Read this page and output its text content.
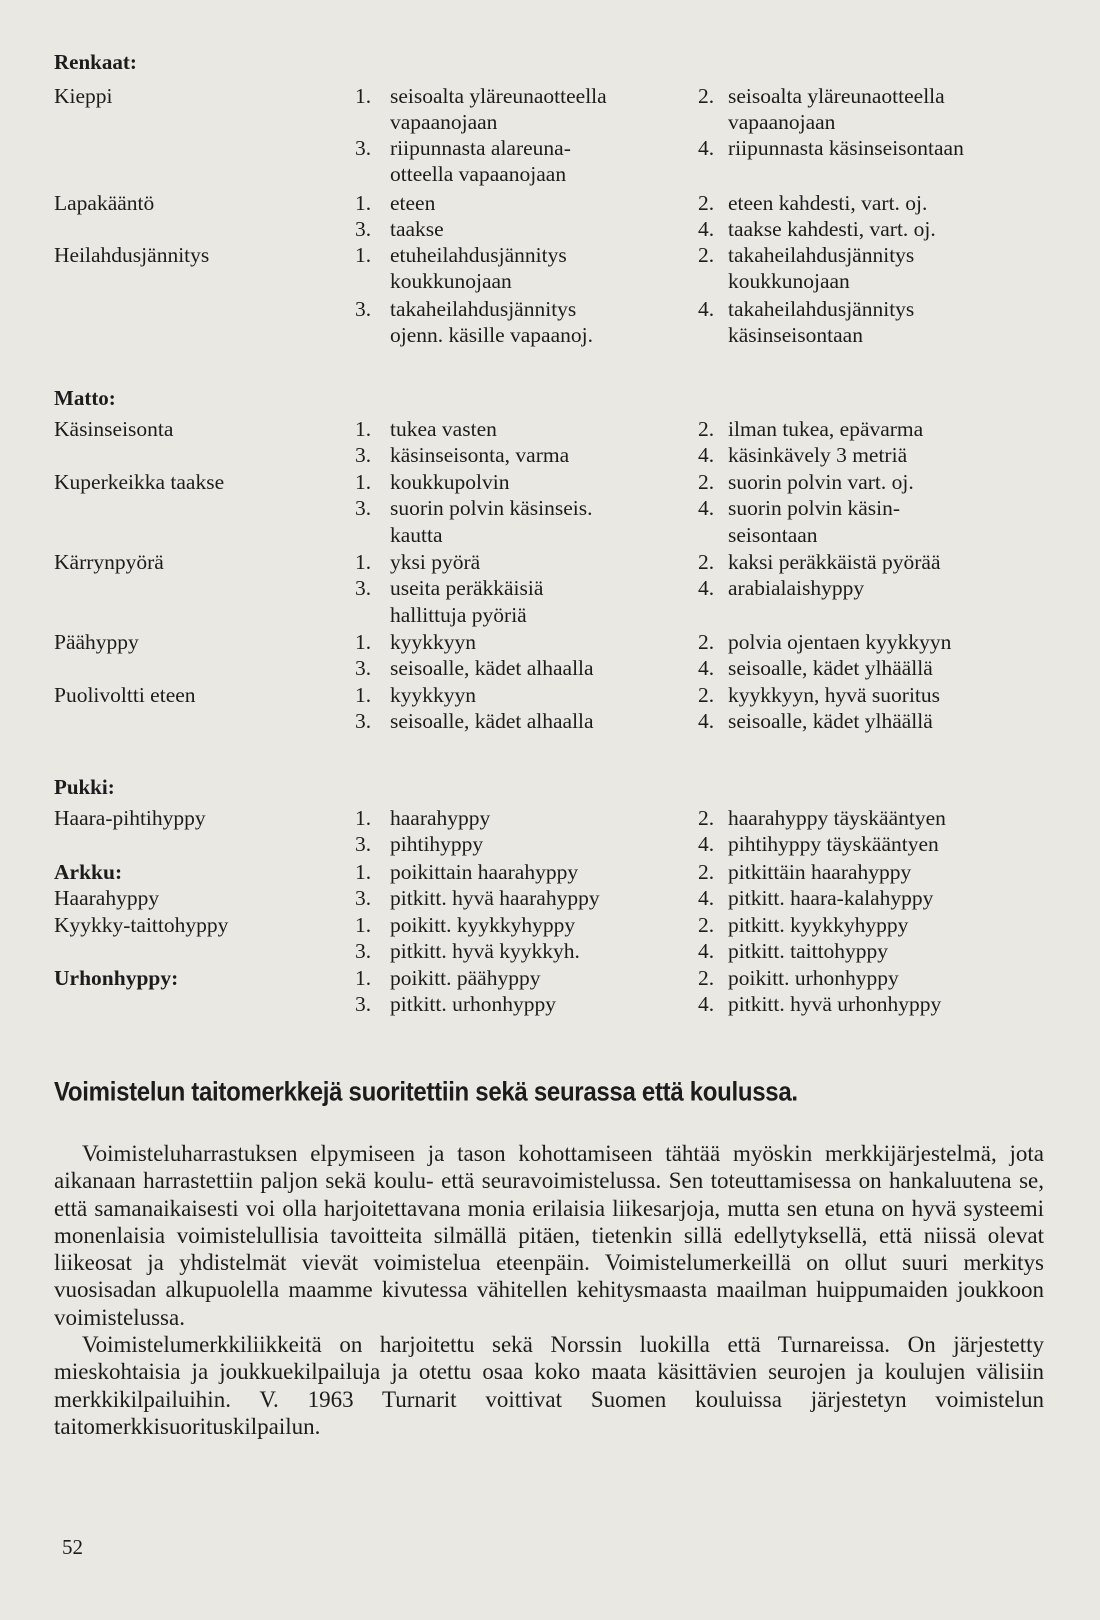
Renkaat:
Kieppi	1. seisoalta yläreunaotteella	2. seisoalta yläreunaotteella
vapaanojaan	vapaanojaan
3. riipunnasta alareuna-	4. riipunnasta käsinseisontaan
otteella vapaanojaan
Lapakääntö	1. eteen	2. eteen kahdesti, vart. oj.
3. taakse	4. taakse kahdesti, vart. oj.
Heilahdusjännitys	1. etuheilahdusjännitys	2. takaheilahdusjännitys
koukkunojaan	koukkunojaan
3. takaheilahdusjännitys	4. takaheilahdusjännitys
ojenn. käsille vapaanoj.	käsinseisontaan
Matto:
Käsinseisonta	1. tukea vasten	2. ilman tukea, epävarma
3. käsinseisonta, varma	4. käsinkävely 3 metriä
Kuperkeikka taakse	1. koukkupolvin	2. suorin polvin vart. oj.
3. suorin polvin käsinseis.	4. suorin polvin käsin-
kautta	seisontaan
Kärrynpyörä	1. yksi pyörä	2. kaksi peräkkäistä pyörää
3. useita peräkkäisiä	4. arabialaishyppy
hallittuja pyöriä
Päähyppy	1. kyykkyyn	2. polvia ojentaen kyykkyyn
3. seisoalle, kädet alhaalla	4. seisoalle, kädet ylhäällä
Puolivoltti eteen	1. kyykkyyn	2. kyykkyyn, hyvä suoritus
3. seisoalle, kädet alhaalla	4. seisoalle, kädet ylhäällä
Pukki:
Haara-pihtihyppy	1. haarahyppy	2. haarahyppy täyskääntyen
3. pihtihyppy	4. pihtihyppy täyskääntyen
Arkku:	1. poikittain haarahyppy	2. pitkittäin haarahyppy
Haarahyppy	3. pitkitt. hyvä haarahyppy	4. pitkitt. haara-kalahyppy
Kyykky-taittohyppy	1. poikitt. kyykkyhyppy	2. pitkitt. kyykkyhyppy
3. pitkitt. hyvä kyykkyh.	4. pitkitt. taittohyppy
Urhonhyppy:	1. poikitt. päähyppy	2. poikitt. urhonhyppy
3. pitkitt. urhonhyppy	4. pitkitt. hyvä urhonhyppy
Voimistelun taitomerkkejä suoritettiin sekä seurassa että koulussa.

Voimisteluharrastuksen elpymiseen ja tason kohottamiseen tähtää myöskin merkkijärjestelmä, jota aikanaan harrastettiin paljon sekä koulu- että seuravoimistelussa. Sen toteuttamisessa on hankaluutena se, että samanaikaisesti voi olla harjoitettavana monia erilaisia liikesarjoja, mutta sen etuna on hyvä systeemi monenlaisia voimistelullisia tavoitteita silmällä pitäen, tietenkin sillä edellytyksellä, että niissä olevat liikeosat ja yhdistelmät vievät voimistelua eteenpäin. Voimistelumerkeillä on ollut suuri merkitys vuosisadan alkupuolella maamme kivutessa vähitellen kehitysmaasta maailman huippumaiden joukkoon voimistelussa.

Voimistelumerkkiliikkeitä on harjoitettu sekä Norssin luokilla että Turnareissa. On järjestetty mieskohtaisia ja joukkuekilpailuja ja otettu osaa koko maata käsittävien seurojen ja koulujen välisiin merkkikilpailuihin. V. 1963 Turnarit voittivat Suomen kouluissa järjestetyn voimistelun taitomerkkisuorituskilpailun.

52
